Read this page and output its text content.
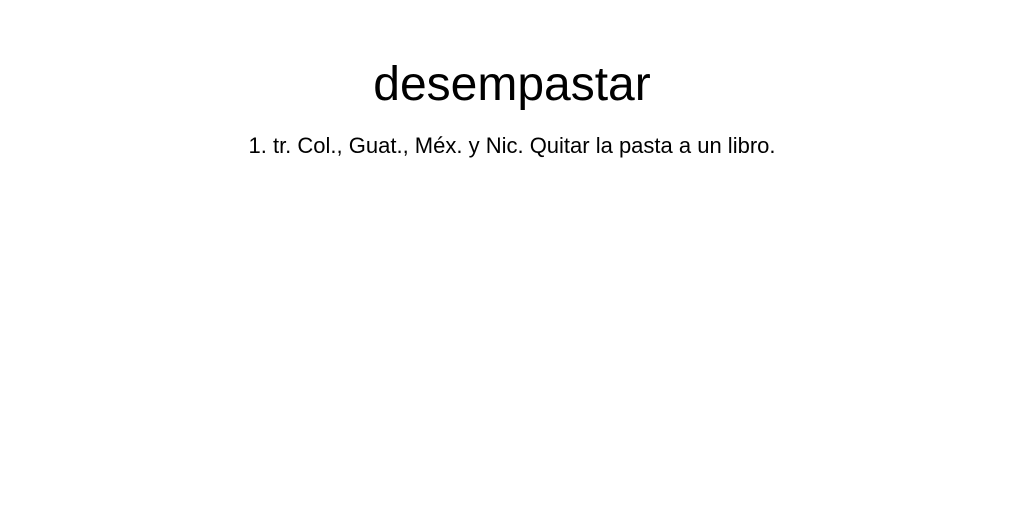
desempastar

1. tr. Col., Guat., Méx. y Nic. Quitar la pasta a un libro.
